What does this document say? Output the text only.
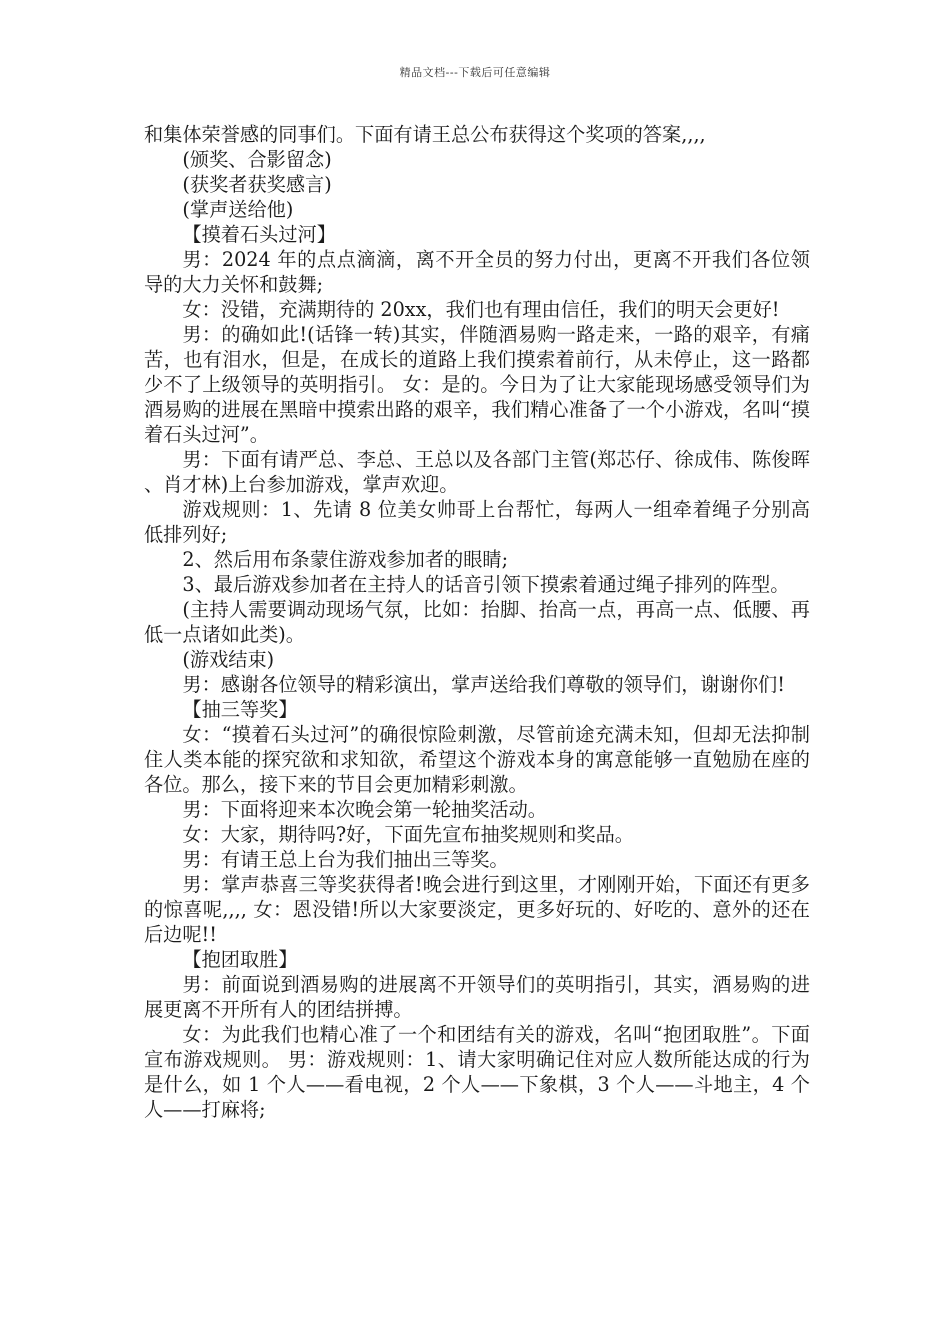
精品文档---下载后可任意编辑

和集体荣誉感的同事们。下面有请王总公布获得这个奖项的答案,,,,

(颁奖、合影留念)

(获奖者获奖感言)

(掌声送给他)

【摸着石头过河】

男：2024 年的点点滴滴，离不开全员的努力付出，更离不开我们各位领导的大力关怀和鼓舞;

女：没错，充满期待的 20xx，我们也有理由信任，我们的明天会更好!

男：的确如此!(话锋一转)其实，伴随酒易购一路走来，一路的艰辛，有痛苦，也有泪水，但是，在成长的道路上我们摸索着前行，从未停止，这一路都少不了上级领导的英明指引。 女：是的。今日为了让大家能现场感受领导们为酒易购的进展在黑暗中摸索出路的艰辛，我们精心准备了一个小游戏，名叫“摸着石头过河”。

男：下面有请严总、李总、王总以及各部门主管(郑芯仔、徐成伟、陈俊晖、肖才林)上台参加游戏，掌声欢迎。

游戏规则：1、先请 8 位美女帅哥上台帮忙，每两人一组牵着绳子分别高低排列好;

2、然后用布条蒙住游戏参加者的眼睛;

3、最后游戏参加者在主持人的话音引领下摸索着通过绳子排列的阵型。

(主持人需要调动现场气氛，比如：抬脚、抬高一点，再高一点、低腰、再低一点诸如此类)。

(游戏结束)

男：感谢各位领导的精彩演出，掌声送给我们尊敬的领导们，谢谢你们!

【抽三等奖】

女：“摸着石头过河”的确很惊险刺激，尽管前途充满未知，但却无法抑制住人类本能的探究欲和求知欲，希望这个游戏本身的寓意能够一直勉励在座的各位。那么，接下来的节目会更加精彩刺激。

男：下面将迎来本次晚会第一轮抽奖活动。

女：大家，期待吗?好，下面先宣布抽奖规则和奖品。

男：有请王总上台为我们抽出三等奖。

男：掌声恭喜三等奖获得者!晚会进行到这里，才刚刚开始，下面还有更多的惊喜呢,,,, 女：恩没错!所以大家要淡定，更多好玩的、好吃的、意外的还在后边呢!!

【抱团取胜】

男：前面说到酒易购的进展离不开领导们的英明指引，其实，酒易购的进展更离不开所有人的团结拼搏。

女：为此我们也精心准了一个和团结有关的游戏，名叫“抱团取胜”。下面宣布游戏规则。 男：游戏规则：1、请大家明确记住对应人数所能达成的行为是什么，如 1 个人——看电视，2 个人——下象棋，3 个人——斗地主，4 个人——打麻将;
